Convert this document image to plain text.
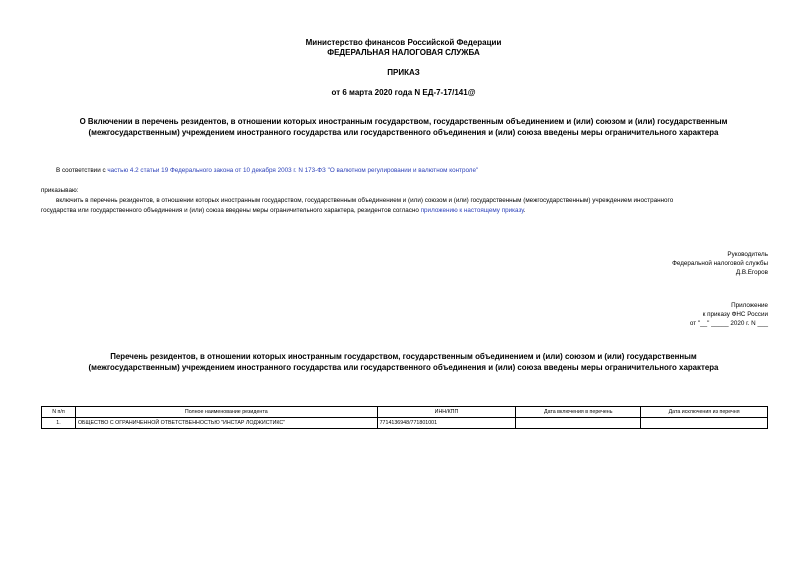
Министерство финансов Российской Федерации
ФЕДЕРАЛЬНАЯ НАЛОГОВАЯ СЛУЖБА
ПРИКАЗ
от 6 марта 2020 года N ЕД-7-17/141@
О Включении в перечень резидентов, в отношении которых иностранным государством, государственным объединением и (или) союзом и (или) государственным
(межгосударственным) учреждением иностранного государства или государственного объединения и (или) союза введены меры ограничительного характера
В соответствии с частью 4.2 статьи 19 Федерального закона от 10 декабря 2003 г. N 173-ФЗ "О валютном регулировании и валютном контроле"
приказываю:
включить в перечень резидентов, в отношении которых иностранным государством, государственным объединением и (или) союзом и (или) государственным (межгосударственным) учреждением иностранного
государства или государственного объединения и (или) союза введены меры ограничительного характера, резидентов согласно приложению к настоящему приказу.
Руководитель
Федеральной налоговой службы
Д.В.Егоров
Приложение
к приказу ФНС России
от "__" _____ 2020 г. N ___
Перечень резидентов, в отношении которых иностранным государством, государственным объединением и (или) союзом и (или) государственным
(межгосударственным) учреждением иностранного государства или государственного объединения и (или) союза введены меры ограничительного характера
N п/п	Полное наименование резидента	ИНН/КПП	Дата включения в перечень	Дата исключения из перечня
1.	ОБЩЕСТВО С ОГРАНИЧЕННОЙ ОТВЕТСТВЕННОСТЬЮ "ИНСТАР ЛОДЖИСТИКС"	7714136948/771801001		
